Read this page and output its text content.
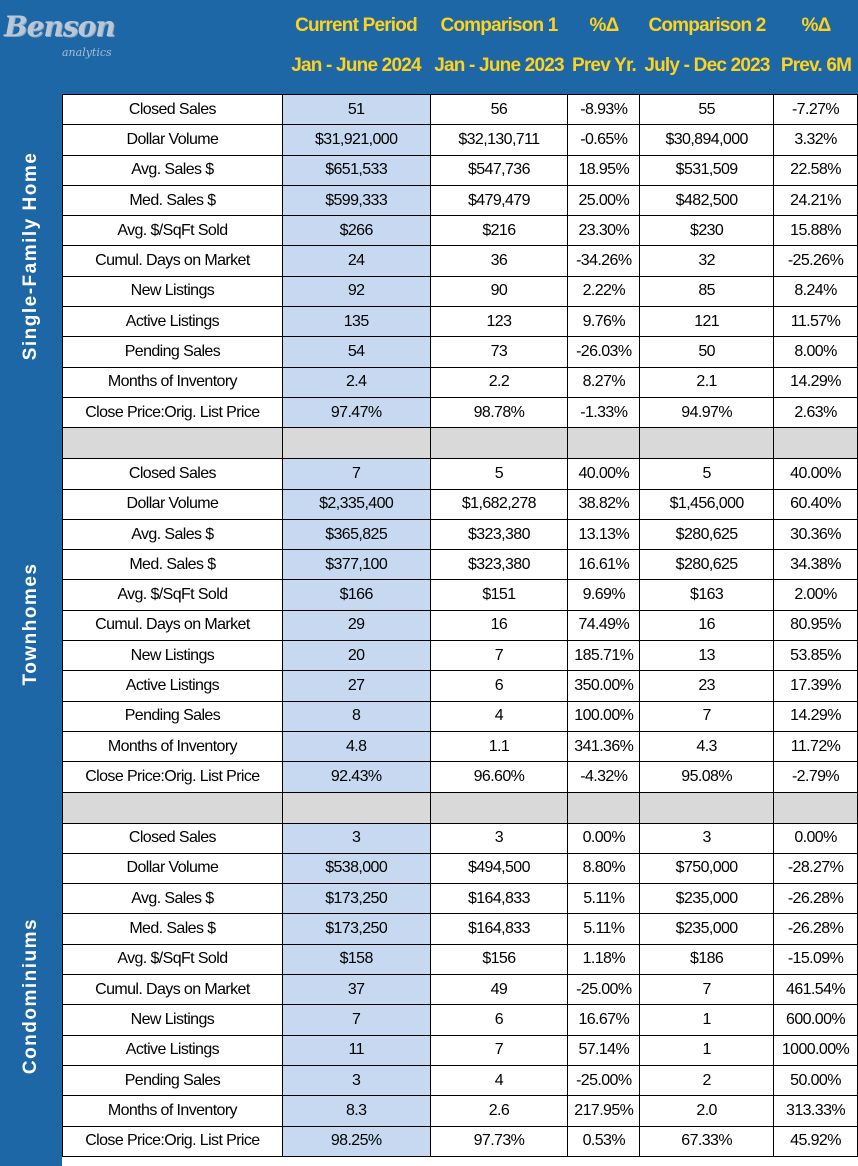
Benson
analytics
Current Period
Jan - June 2024
Comparison 1
Jan - June 2023
%Δ
Prev Yr.
Comparison 2
July - Dec 2023
%Δ
Prev. 6M
Single-Family Home
Townhomes
Condominiums
Closed Sales	51	56	-8.93%	55	-7.27%
Dollar Volume	$31,921,000	$32,130,711	-0.65%	$30,894,000	3.32%
Avg. Sales $	$651,533	$547,736	18.95%	$531,509	22.58%
Med. Sales $	$599,333	$479,479	25.00%	$482,500	24.21%
Avg. $/SqFt Sold	$266	$216	23.30%	$230	15.88%
Cumul. Days on Market	24	36	-34.26%	32	-25.26%
New Listings	92	90	2.22%	85	8.24%
Active Listings	135	123	9.76%	121	11.57%
Pending Sales	54	73	-26.03%	50	8.00%
Months of Inventory	2.4	2.2	8.27%	2.1	14.29%
Close Price:Orig. List Price	97.47%	98.78%	-1.33%	94.97%	2.63%

Closed Sales	7	5	40.00%	5	40.00%
Dollar Volume	$2,335,400	$1,682,278	38.82%	$1,456,000	60.40%
Avg. Sales $	$365,825	$323,380	13.13%	$280,625	30.36%
Med. Sales $	$377,100	$323,380	16.61%	$280,625	34.38%
Avg. $/SqFt Sold	$166	$151	9.69%	$163	2.00%
Cumul. Days on Market	29	16	74.49%	16	80.95%
New Listings	20	7	185.71%	13	53.85%
Active Listings	27	6	350.00%	23	17.39%
Pending Sales	8	4	100.00%	7	14.29%
Months of Inventory	4.8	1.1	341.36%	4.3	11.72%
Close Price:Orig. List Price	92.43%	96.60%	-4.32%	95.08%	-2.79%

Closed Sales	3	3	0.00%	3	0.00%
Dollar Volume	$538,000	$494,500	8.80%	$750,000	-28.27%
Avg. Sales $	$173,250	$164,833	5.11%	$235,000	-26.28%
Med. Sales $	$173,250	$164,833	5.11%	$235,000	-26.28%
Avg. $/SqFt Sold	$158	$156	1.18%	$186	-15.09%
Cumul. Days on Market	37	49	-25.00%	7	461.54%
New Listings	7	6	16.67%	1	600.00%
Active Listings	11	7	57.14%	1	1000.00%
Pending Sales	3	4	-25.00%	2	50.00%
Months of Inventory	8.3	2.6	217.95%	2.0	313.33%
Close Price:Orig. List Price	98.25%	97.73%	0.53%	67.33%	45.92%
